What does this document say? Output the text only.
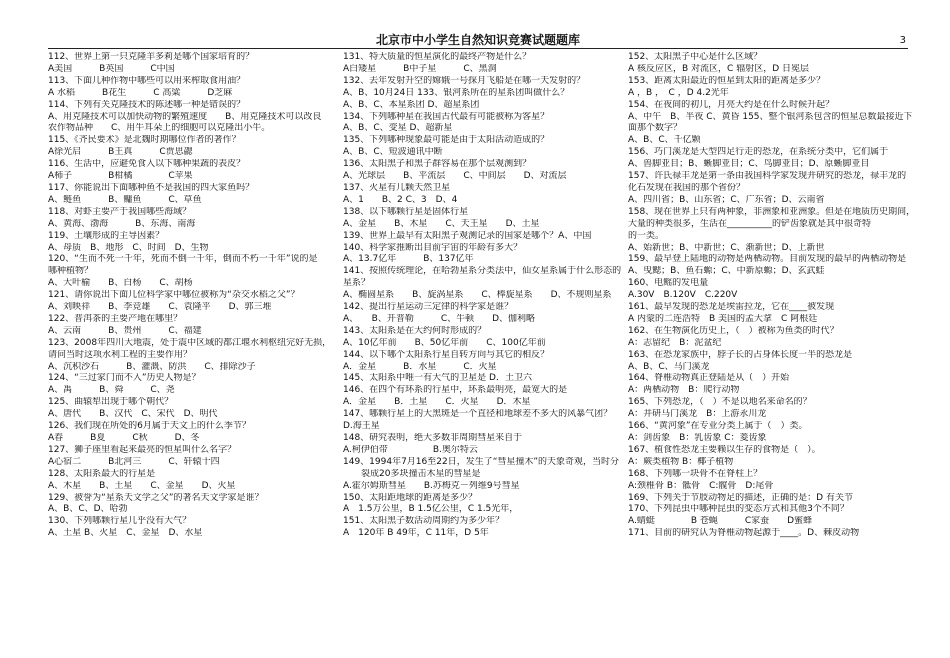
北京市中小学生自然知识竞赛试题题库	3
112、世界上第一只克隆羊多莉是哪个国家培育的？
A美国　　　B英国　　　C中国
113、下面几种作物中哪些可以用来榨取食用油？
A 水稻　　　B花生　　　C 高粱　　　D芝麻
114、下列有关克隆技术的陈述哪一种是错误的？
A、用克隆技术可以加快动物的繁殖速度　　B、用克隆技术可以改良
农作物品种　　C、用牛耳朵上的细胞可以克隆出小牛。
115、《齐民要术》是北魏时期哪位作者的著作？
A徐光启　　　B王真　　　C贾思勰
116、生活中，应避免食入以下哪种果蔬的表皮？
A柿子　　　　B柑橘　　　　C苹果
117、你能说出下面哪种鱼不是我国的四大家鱼吗？
A、鲢鱼　　　B、鳙鱼　　　C、草鱼
118、对虾主要产于我国哪些海域？
A、黄海、渤海　　　B、东海、南海
119、土壤形成的主导因素？
A、母质　B、地形　C、时间　D、生物
120、“生而不死一千年，死而不倒一千年，倒而不朽一千年”说的是
哪种植物？
A、大叶榆　　B、白杨　　C、胡杨
121、请你说出下面几位科学家中哪位被称为“杂交水稻之父”？
A、刘映祥　　B、李竞雄　　C、袁隆平　　D、郭三堆
122、普洱茶的主要产地在哪里？
A、云南　　　B、贵州　　　C、福建
123、2008年四川大地震，处于震中区域的都江堰水利枢纽完好无损，
请问当时这项水利工程的主要作用？
A、沉积沙石　　　B、灌溉、防洪　　C、排除沙子
124、“三过家门而不入”历史人物是？
A、禹　　　B、舜　　　C、尧
125、曲辕犁出现于哪个朝代？
A、唐代　　B、汉代　C、宋代　D、明代
126、我们现在所处的6月属于天文上的什么季节？
A春　　　B夏　　　C秋　　　D、冬
127、狮子座里看起来最亮的恒星叫什么名字？
A心宿二　　　B北河三　　　C、轩辕十四
128、太阳系最大的行星是
A、木星　　B、土星　　C、金星　　D、火星
129、被誉为“星系天文学之父”的著名天文学家是谁？
A、B、C、D、哈勃
130、下列哪颗行星几乎没有大气？
A、土星 B、火星　C、金星　D、水星
131、特大质量的恒星演化的最终产物是什么？
A白矮星　　　B中子星　　　C、黑洞
132、去年发射升空的嫦娥一号探月飞船是在哪一天发射的？
A、B、10月24日 133、银河系所在的星系团叫做什么？
A、B、C、本星系团 D、超星系团
134、下列哪种星在我国古代最有可能被称为客星？
A、B、C、变星 D、超新星
135、下列哪种现象最可能是由于太阳活动造成的？
A、B、C、短波通讯中断
136、太阳黑子和黑子群容易在那个层观测到？
A、光球层　　B、平流层　　C、中间层　　D、对流层
137、火星有几颗天然卫星
A、1　　B、2 C、3　D、4
138、以下哪颗行星是固体行星
A、金星　　B、木星　　C、天王星　　D、土星
139、世界上最早有太阳黑子观测记录的国家是哪个？A、中国
140、科学家推断出目前宇宙的年龄有多大？
A、13.7亿年　　　B、137亿年
141、按照传统理论，在哈勃星系分类法中，仙女星系属于什么形态的
星系？
A、椭圆星系　　B、旋涡星系　　C、棒旋星系　　D、不规则星系
142、提出行星运动三定律的科学家是谁？
A、　　B、开普勒　　　C、牛顿　　D、伽利略
143、太阳系是在大约何时形成的？
A、10亿年前　　B、50亿年前　　C、100亿年前
144、以下哪个太阳系行星自转方向与其它的相反？
A．金星　　　B．水星　　　C．火星
145、太阳系中唯一有大气的卫星是 D．土卫六
146、在四个有环系的行星中，环系最明亮，最宽大的是
A．金星　　B．土星　　C．火星　　D．木星
147、哪颗行星上的大黑斑是一个直径和地球差不多大的风暴气团？
D.海王星
148、研究表明，绝大多数非周期彗星来自于
A.柯伊伯带　　　　　B.奥尔特云
149、1994年7月16至22日，发生了“彗星撞木”的天象奇观，当时分
裂成20多块撞击木星的彗星是
A.霍尔姆斯彗星　　B.苏梅克－列维9号彗星
150、太阳距地球的距离是多少？
A　1.5万公里，B 1.5亿公里，C 1.5光年，
151、太阳黑子数活动周期约为多少年？
A　120年 B 49年，C 11年，D 5年
152、太阳黑子中心是什么区域？
A 核反应区，B 对流区，C 辐射区，D 日冕层
153、距离太阳最近的恒星到太阳的距离是多少？
A ，B ，　C ，D 4.2光年
154、在夜间的初几，月亮大约是在什么时候升起？
A、中午　B、半夜 C、黄昏 155、整个银河系包含的恒星总数最接近下
面那个数字？
A、B、C、千亿颗
156、巧门溪龙是大型四足行走的恐龙，在系统分类中，它们属于
A、兽脚亚目；B、蜥脚亚目；C、鸟脚亚目；D、原蜥脚亚目
157、许氏禄丰龙是第一条由我国科学家发现并研究的恐龙，禄丰龙的
化石发现在我国的那个省份？
A、四川省；B、山东省；C、广东省；D、云南省
158、现在世界上只有两种象，非洲象和亚洲象。但是在地质历史期间，
大量的种类很多，生活在__________的铲齿象就是其中很奇特
的一类。
A、始新世；B、中新世；C、渐新世；D、上新世
159、最早登上陆地的动物是两栖动物。目前发现的最早的两栖动物是
A、曳鳃；B、鱼石螈；C、中新原螈；D、玄武蛙
160、电鳐的发电量
A.30V　B.120V　C.220V
161、最早发现的恐龙是埃雷拉龙，它在____被发现
A 内蒙的二连浩特　B 美国的孟大拿　C 阿根廷
162、在生物演化历史上，（　）被称为鱼类的时代？
A：志留纪　B：泥盆纪
163、在恐龙家族中，脖子长的占身体长度一半的恐龙是
A、B、C、马门溪龙
164、脊椎动物真正登陆是从（　）开始
A：两栖动物　B：爬行动物
165、下列恐龙，（　）不是以地名来命名的？
A：井研马门溪龙　B：上游永川龙
166、“黄河象”在专业分类上属于（　）类。
A：剑齿象　B：乳齿象 C：菱齿象
167、植食性恐龙主要赖以生存的食物是（　）。
A：蕨类植物 B：椰子植物
168、下列哪一块骨不在脊柱上？
A:颈椎骨 B：骶骨　C:髋骨　D:尾骨
169、下列关于节肢动物足的描述，正确的是：D 有关节
170、下列昆虫中哪种昆虫的变态方式和其他3个不同？
A.蜻蜓　　　　B 苍蝇　　　C家蚕　　D蜜蜂
171、目前的研究认为脊椎动物起源于____。D、棘皮动物
